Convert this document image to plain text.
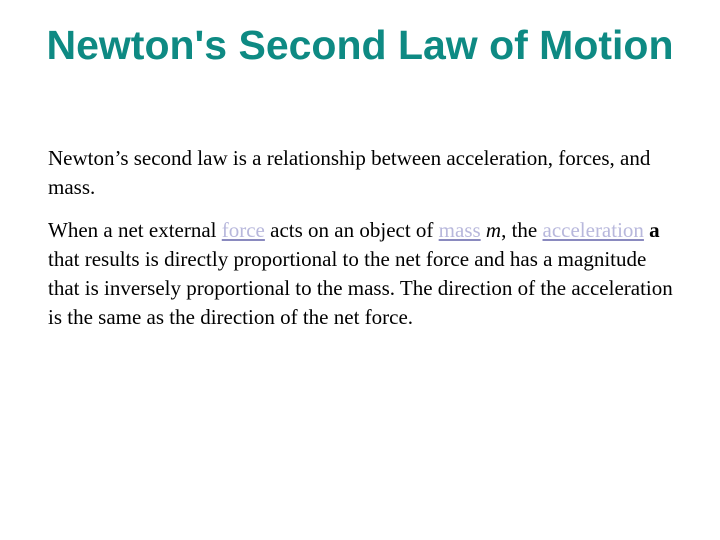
Newton's Second Law of Motion

Newton’s second law is a relationship between acceleration, forces, and mass.

When a net external force acts on an object of mass m, the acceleration a that results is directly proportional to the net force and has a magnitude that is inversely proportional to the mass. The direction of the acceleration is the same as the direction of the net force.
